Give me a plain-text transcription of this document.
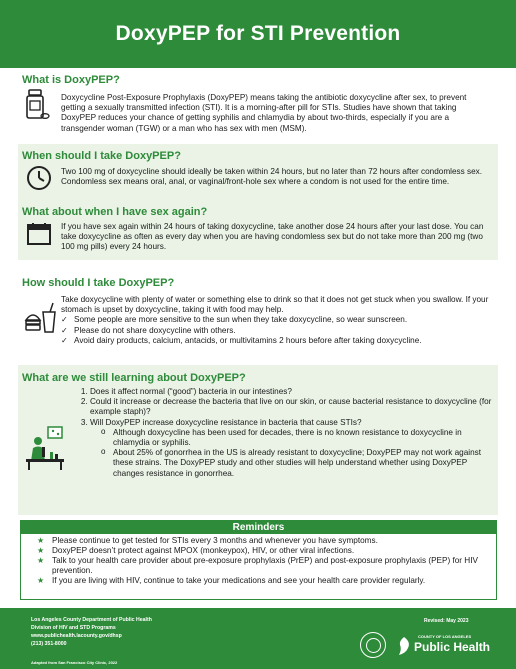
DoxyPEP for STI Prevention
What is DoxyPEP?
Doxycycline Post-Exposure Prophylaxis (DoxyPEP) means taking the antibiotic doxycycline after sex, to prevent getting a sexually transmitted infection (STI). It is a morning-after pill for STIs. Studies have shown that taking DoxyPEP reduces your chance of getting syphilis and chlamydia by about two-thirds, especially if you are a transgender woman (TGW) or a man who has sex with men (MSM).
When should I take DoxyPEP?
Two 100 mg of doxycycline should ideally be taken within 24 hours, but no later than 72 hours after condomless sex. Condomless sex means oral, anal, or vaginal/front-hole sex where a condom is not used for the entire time.
What about when I have sex again?
If you have sex again within 24 hours of taking doxycycline, take another dose 24 hours after your last dose. You can take doxycycline as often as every day when you are having condomless sex but do not take more than 200 mg (two 100 mg pills) every 24 hours.
How should I take DoxyPEP?
Take doxycycline with plenty of water or something else to drink so that it does not get stuck when you swallow. If your stomach is upset by doxycycline, taking it with food may help.
✓ Some people are more sensitive to the sun when they take doxycycline, so wear sunscreen.
✓ Please do not share doxycycline with others.
✓ Avoid dairy products, calcium, antacids, or multivitamins 2 hours before after taking doxycycline.
What are we still learning about DoxyPEP?
1. Does it affect normal (“good”) bacteria in our intestines?
2. Could it increase or decrease the bacteria that live on our skin, or cause bacterial resistance to doxycycline (for example staph)?
3. Will DoxyPEP increase doxycycline resistance in bacteria that cause STIs?
o Although doxycycline has been used for decades, there is no known resistance to doxycycline in chlamydia or syphilis.
o About 25% of gonorrhea in the US is already resistant to doxycycline; DoxyPEP may not work against these strains. The DoxyPEP study and other studies will help understand whether using DoxyPEP changes resistance in gonorrhea.
Reminders
★ Please continue to get tested for STIs every 3 months and whenever you have symptoms.
★ DoxyPEP doesn’t protect against MPOX (monkeypox), HIV, or other viral infections.
★ Talk to your health care provider about pre-exposure prophylaxis (PrEP) and post-exposure prophylaxis (PEP) for HIV prevention.
★ If you are living with HIV, continue to take your medications and see your health care provider regularly.
Los Angeles County Department of Public Health
Division of HIV and STD Programs
www.publichealth.lacounty.gov/dhsp
(213) 351-8000
Adapted from San Francisco City Clinic, 2022
Revised: May 2023
COUNTY OF LOS ANGELES
Public Health
